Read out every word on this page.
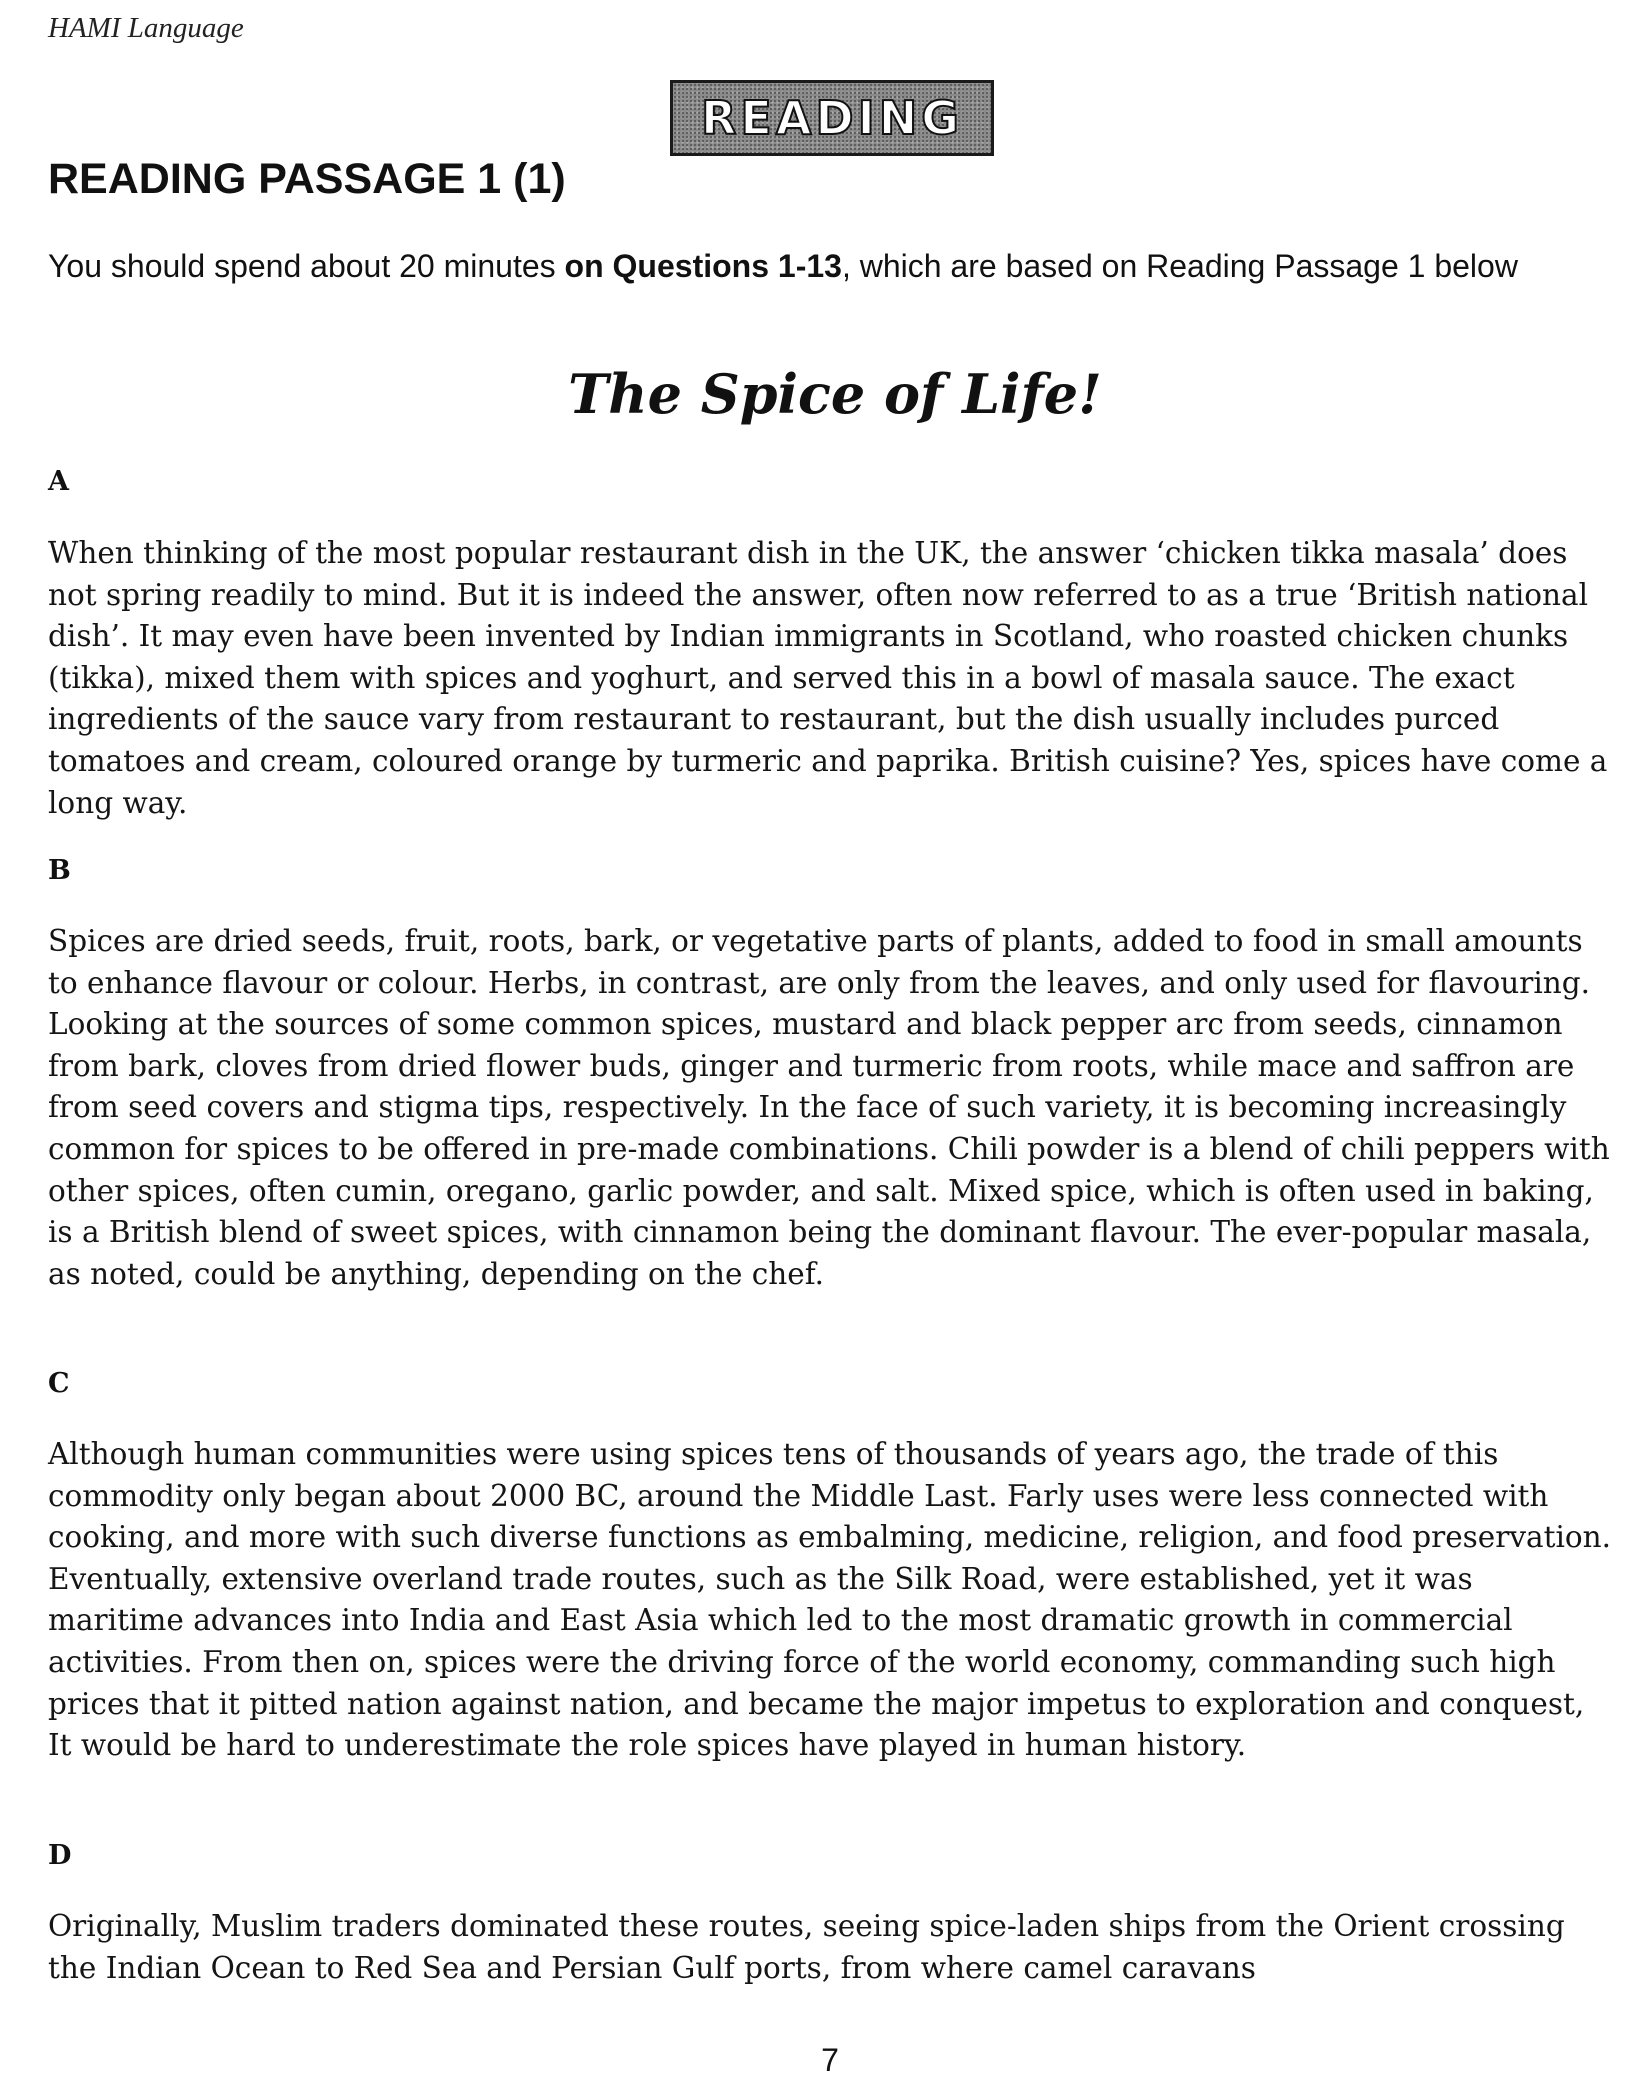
HAMI Language
READING
READING PASSAGE 1 (1)
You should spend about 20 minutes on Questions 1-13, which are based on Reading Passage 1 below
The Spice of Life!
A

When thinking of the most popular restaurant dish in the UK, the answer ‘chicken tikka masala’ does not spring readily to mind. But it is indeed the answer, often now referred to as a true ‘British national dish’. It may even have been invented by Indian immigrants in Scotland, who roasted chicken chunks (tikka), mixed them with spices and yoghurt, and served this in a bowl of masala sauce. The exact ingredients of the sauce vary from restaurant to restaurant, but the dish usually includes purced tomatoes and cream, coloured orange by turmeric and paprika. British cuisine? Yes, spices have come a long way.

B

Spices are dried seeds, fruit, roots, bark, or vegetative parts of plants, added to food in small amounts to enhance flavour or colour. Herbs, in contrast, are only from the leaves, and only used for flavouring. Looking at the sources of some common spices, mustard and black pepper arc from seeds, cinnamon from bark, cloves from dried flower buds, ginger and turmeric from roots, while mace and saffron are from seed covers and stigma tips, respectively. In the face of such variety, it is becoming increasingly common for spices to be offered in pre-made combinations. Chili powder is a blend of chili peppers with other spices, often cumin, oregano, garlic powder, and salt. Mixed spice, which is often used in baking, is a British blend of sweet spices, with cinnamon being the dominant flavour. The ever-popular masala, as noted, could be anything, depending on the chef.

C

Although human communities were using spices tens of thousands of years ago, the trade of this commodity only began about 2000 BC, around the Middle Last. Farly uses were less connected with cooking, and more with such diverse functions as embalming, medicine, religion, and food preservation. Eventually, extensive overland trade routes, such as the Silk Road, were established, yet it was maritime advances into India and East Asia which led to the most dramatic growth in commercial activities. From then on, spices were the driving force of the world economy, commanding such high prices that it pitted nation against nation, and became the major impetus to exploration and conquest, It would be hard to underestimate the role spices have played in human history.

D

Originally, Muslim traders dominated these routes, seeing spice-laden ships from the Orient crossing the Indian Ocean to Red Sea and Persian Gulf ports, from where camel caravans

7
